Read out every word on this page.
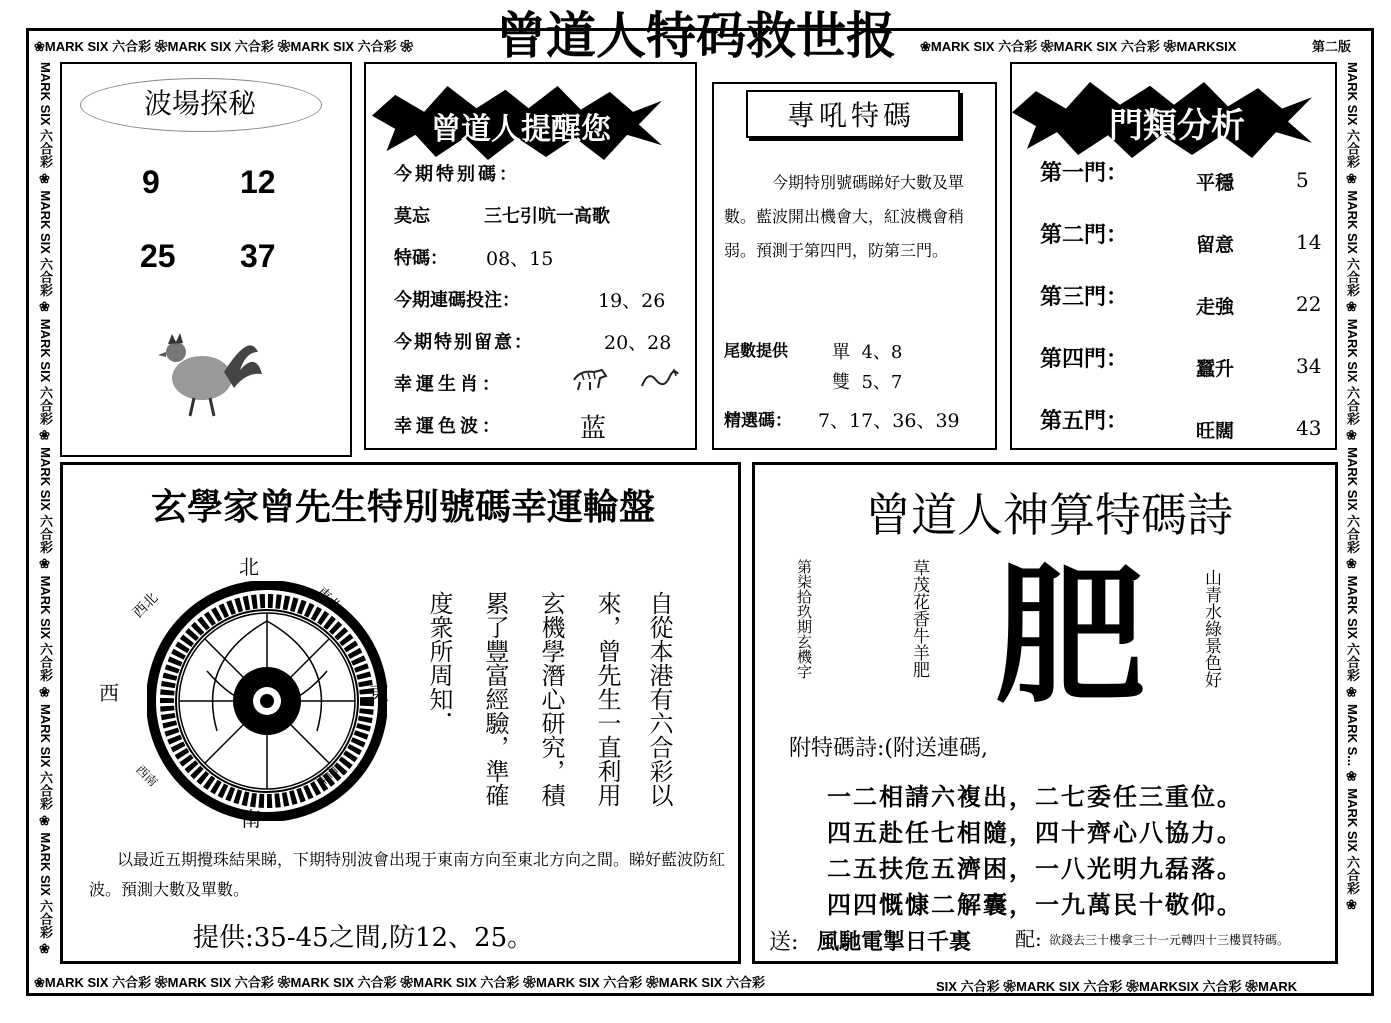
❀MARK SIX 六合彩 ❀MARK SIX 六合彩 ❀MARK SIX 六合彩 ❀	曾道人特码救世报	❀MARK SIX 六合彩 ❀MARK SIX 六合彩 ❀MARKSIX	第二版
MARK SIX 六合彩 ❀ MARK SIX 六合彩 ❀ MARK SIX 六合彩 ❀ MARK SIX 六合彩 ❀ MARK SIX 六合彩 ❀ MARK SIX 六合彩 ❀ MARK SIX 六合彩 ❀	MARK SIX 六合彩 ❀ MARK SIX 六合彩 ❀ MARK SIX 六合彩 ❀ MARK SIX 六合彩 ❀ MARK SIX 六合彩 ❀ MARK S... ❀ MARK SIX 六合彩 ❀
❀MARK SIX 六合彩 ❀MARK SIX 六合彩 ❀MARK SIX 六合彩 ❀MARK SIX 六合彩 ❀MARK SIX 六合彩 ❀MARK SIX 六合彩	SIX 六合彩 ❀MARK SIX 六合彩 ❀MARKSIX 六合彩 ❀MARK
波場探秘
9	12
25 37
曾道人提醒您
今期特别碼：
莫忘	三七引吭一高歌
特碼： 08、15
今期連碼投注：	19、26
今期特别留意：	20、28
幸運生肖：
幸運色波：	蓝
專吼特碼
今期特別號碼睇好大數及單數。藍波開出機會大，紅波機會稍弱。預測于第四門，防第三門。
尾數提供 單  4、8
雙  5、7
精選碼： 7、17、36、39
門類分析
第一門：	平穩	5
第二門：	留意	14
第三門：	走強	22
第四門：	蠶升	34
第五門：	旺闊	43
玄學家曾先生特別號碼幸運輪盤
北
南
東
西
西北	東北
西南	東南	自從本港有六合彩以
來，曾先生一直利用
玄機學潛心研究，積
累了豐富經驗，準確
度衆所周知．
以最近五期攪珠結果睇，下期特別波會出現于東南方向至東北方向之間。睇好藍波防紅波。預測大數及單數。
提供:35-45之間,防12、25。
曾道人神算特碼詩
第柒拾玖期玄機字	草茂花香牛羊肥 肥	山青水綠景色好
附特碼詩:(附送連碼,
一二相請六複出，二七委任三重位。
四五赴任七相隨，四十齊心八協力。
二五扶危五濟困，一八光明九磊落。
四四慨慷二解囊，一九萬民十敬仰。
送: 風馳電掣日千裏 配: 欲錢去三十樓拿三十一元轉四十三樓買特碼。
